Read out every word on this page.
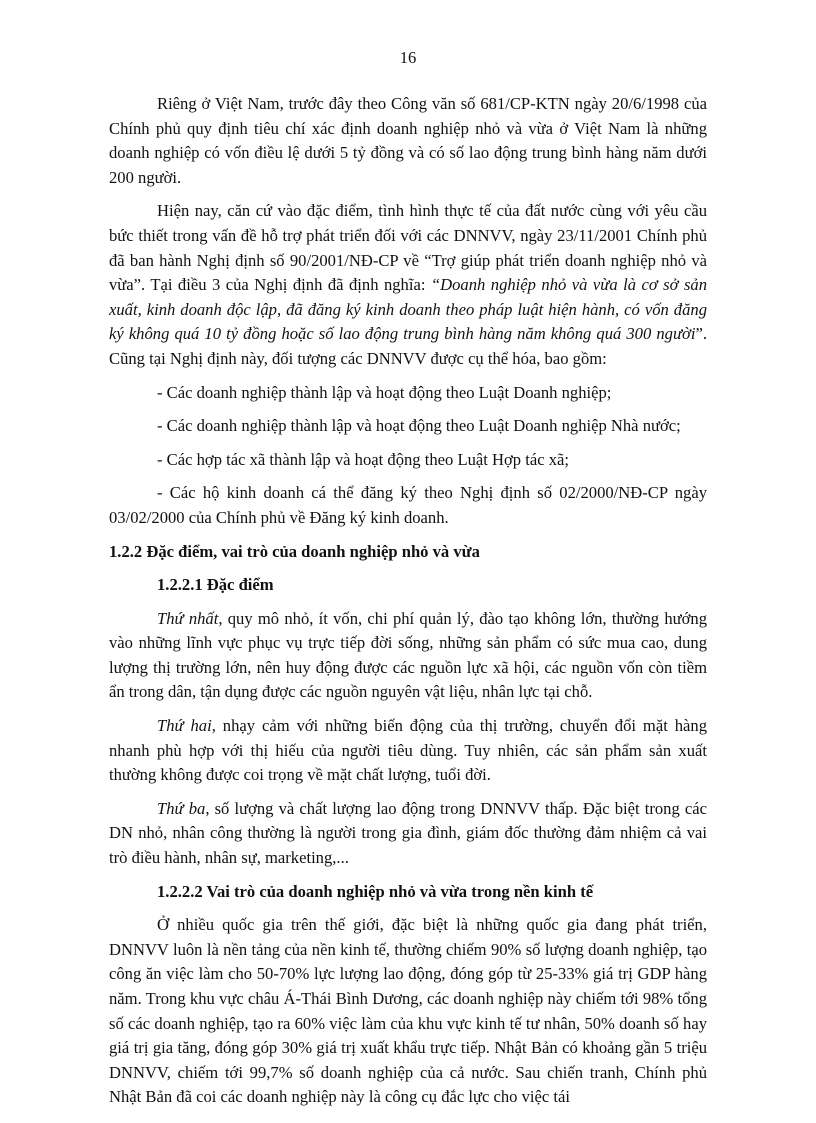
16

Riêng ở Việt Nam, trước đây theo Công văn số 681/CP-KTN ngày 20/6/1998 của Chính phủ quy định tiêu chí xác định doanh nghiệp nhỏ và vừa ở Việt Nam là những doanh nghiệp có vốn điều lệ dưới 5 tỷ đồng và có số lao động trung bình hàng năm dưới 200 người.

Hiện nay, căn cứ vào đặc điểm, tình hình thực tế của đất nước cùng với yêu cầu bức thiết trong vấn đề hỗ trợ phát triển đối với các DNNVV, ngày 23/11/2001 Chính phủ đã ban hành Nghị định số 90/2001/NĐ-CP về “Trợ giúp phát triển doanh nghiệp nhỏ và vừa”. Tại điều 3 của Nghị định đã định nghĩa: “Doanh nghiệp nhỏ và vừa là cơ sở sản xuất, kinh doanh độc lập, đã đăng ký kinh doanh theo pháp luật hiện hành, có vốn đăng ký không quá 10 tỷ đồng hoặc số lao động trung bình hàng năm không quá 300 người”. Cũng tại Nghị định này, đối tượng các DNNVV được cụ thể hóa, bao gồm:

- Các doanh nghiệp thành lập và hoạt động theo Luật Doanh nghiệp;

- Các doanh nghiệp thành lập và hoạt động theo Luật Doanh nghiệp Nhà nước;

- Các hợp tác xã thành lập và hoạt động theo Luật Hợp tác xã;

- Các hộ kinh doanh cá thể đăng ký theo Nghị định số 02/2000/NĐ-CP ngày 03/02/2000 của Chính phủ về Đăng ký kinh doanh.

1.2.2 Đặc điểm, vai trò của doanh nghiệp nhỏ và vừa
1.2.2.1 Đặc điểm

Thứ nhất, quy mô nhỏ, ít vốn, chi phí quản lý, đào tạo không lớn, thường hướng vào những lĩnh vực phục vụ trực tiếp đời sống, những sản phẩm có sức mua cao, dung lượng thị trường lớn, nên huy động được các nguồn lực xã hội, các nguồn vốn còn tiềm ẩn trong dân, tận dụng được các nguồn nguyên vật liệu, nhân lực tại chỗ.

Thứ hai, nhạy cảm với những biến động của thị trường, chuyển đổi mặt hàng nhanh phù hợp với thị hiếu của người tiêu dùng. Tuy nhiên, các sản phẩm sản xuất thường không được coi trọng về mặt chất lượng, tuổi đời.

Thứ ba, số lượng và chất lượng lao động trong DNNVV thấp. Đặc biệt trong các DN nhỏ, nhân công thường là người trong gia đình, giám đốc thường đảm nhiệm cả vai trò điều hành, nhân sự, marketing,...

1.2.2.2 Vai trò của doanh nghiệp nhỏ và vừa trong nền kinh tế

Ở nhiều quốc gia trên thế giới, đặc biệt là những quốc gia đang phát triển, DNNVV luôn là nền tảng của nền kinh tế, thường chiếm 90% số lượng doanh nghiệp, tạo công ăn việc làm cho 50-70% lực lượng lao động, đóng góp từ 25-33% giá trị GDP hàng năm. Trong khu vực châu Á-Thái Bình Dương, các doanh nghiệp này chiếm tới 98% tổng số các doanh nghiệp, tạo ra 60% việc làm của khu vực kinh tế tư nhân, 50% doanh số hay giá trị gia tăng, đóng góp 30% giá trị xuất khẩu trực tiếp. Nhật Bản có khoảng gần 5 triệu DNNVV, chiếm tới 99,7% số doanh nghiệp của cả nước. Sau chiến tranh, Chính phủ Nhật Bản đã coi các doanh nghiệp này là công cụ đắc lực cho việc tái
